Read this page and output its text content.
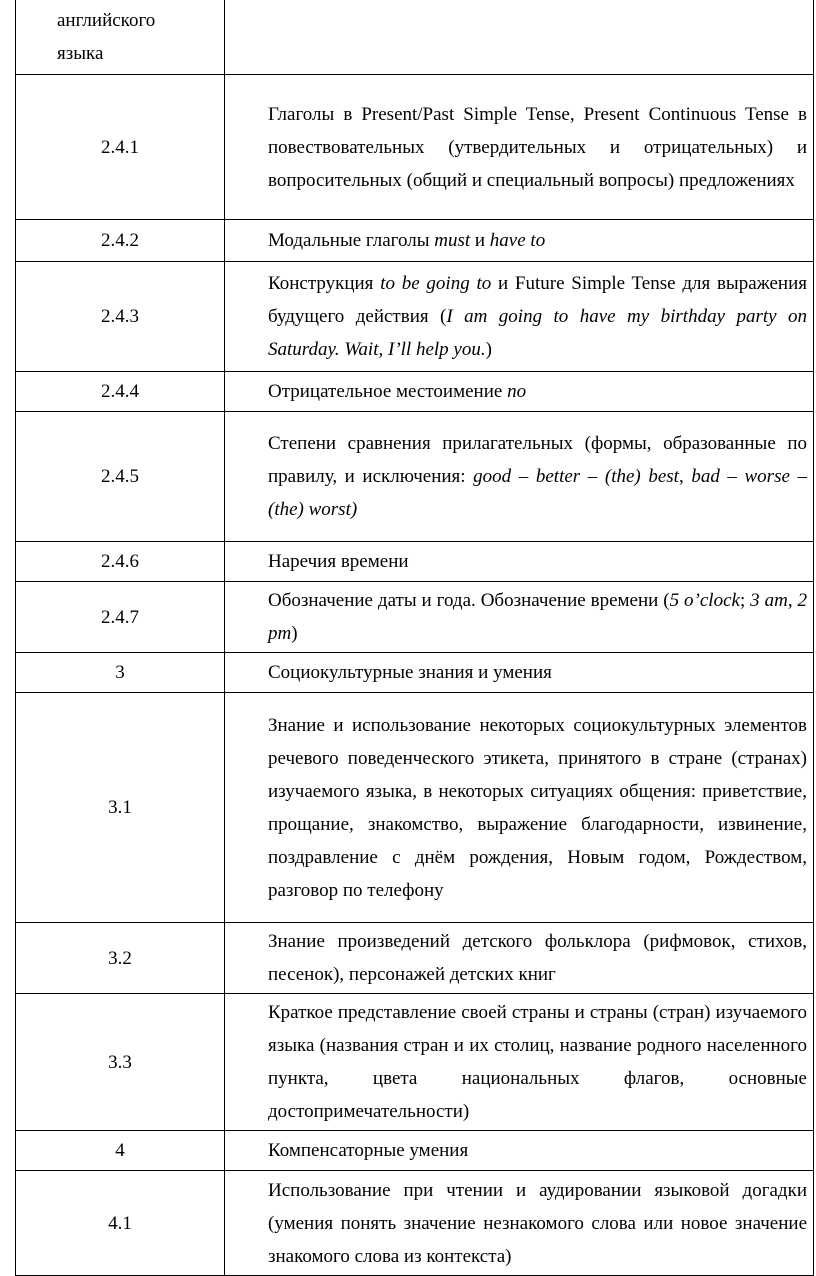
английского
языка	

2.4.1	Глаголы в Present/Past Simple Tense, Present Continuous Tense в повествовательных (утвердительных и отрицательных) и вопросительных (общий и специальный вопросы) предложениях
2.4.2	Модальные глаголы must и have to
2.4.3	Конструкция to be going to и Future Simple Tense для выражения будущего действия (I am going to have my birthday party on Saturday. Wait, I’ll help you.)
2.4.4	Отрицательное местоимение no
2.4.5	Степени сравнения прилагательных (формы, образованные по правилу, и исключения: good – better – (the) best, bad – worse – (the) worst)
2.4.6	Наречия времени
2.4.7	Обозначение даты и года. Обозначение времени (5 o’clock; 3 am, 2 pm)
3	Социокультурные знания и умения
3.1	Знание и использование некоторых социокультурных элементов речевого поведенческого этикета, принятого в стране (странах) изучаемого языка, в некоторых ситуациях общения: приветствие, прощание, знакомство, выражение благодарности, извинение, поздравление с днём рождения, Новым годом, Рождеством, разговор по телефону
3.2	Знание произведений детского фольклора (рифмовок, стихов, песенок), персонажей детских книг
3.3	Краткое представление своей страны и страны (стран) изучаемого языка (названия стран и их столиц, название родного населенного пункта, цвета национальных флагов, основные достопримечательности)
4	Компенсаторные умения
4.1	Использование при чтении и аудировании языковой догадки (умения понять значение незнакомого слова или новое значение знакомого слова из контекста)
